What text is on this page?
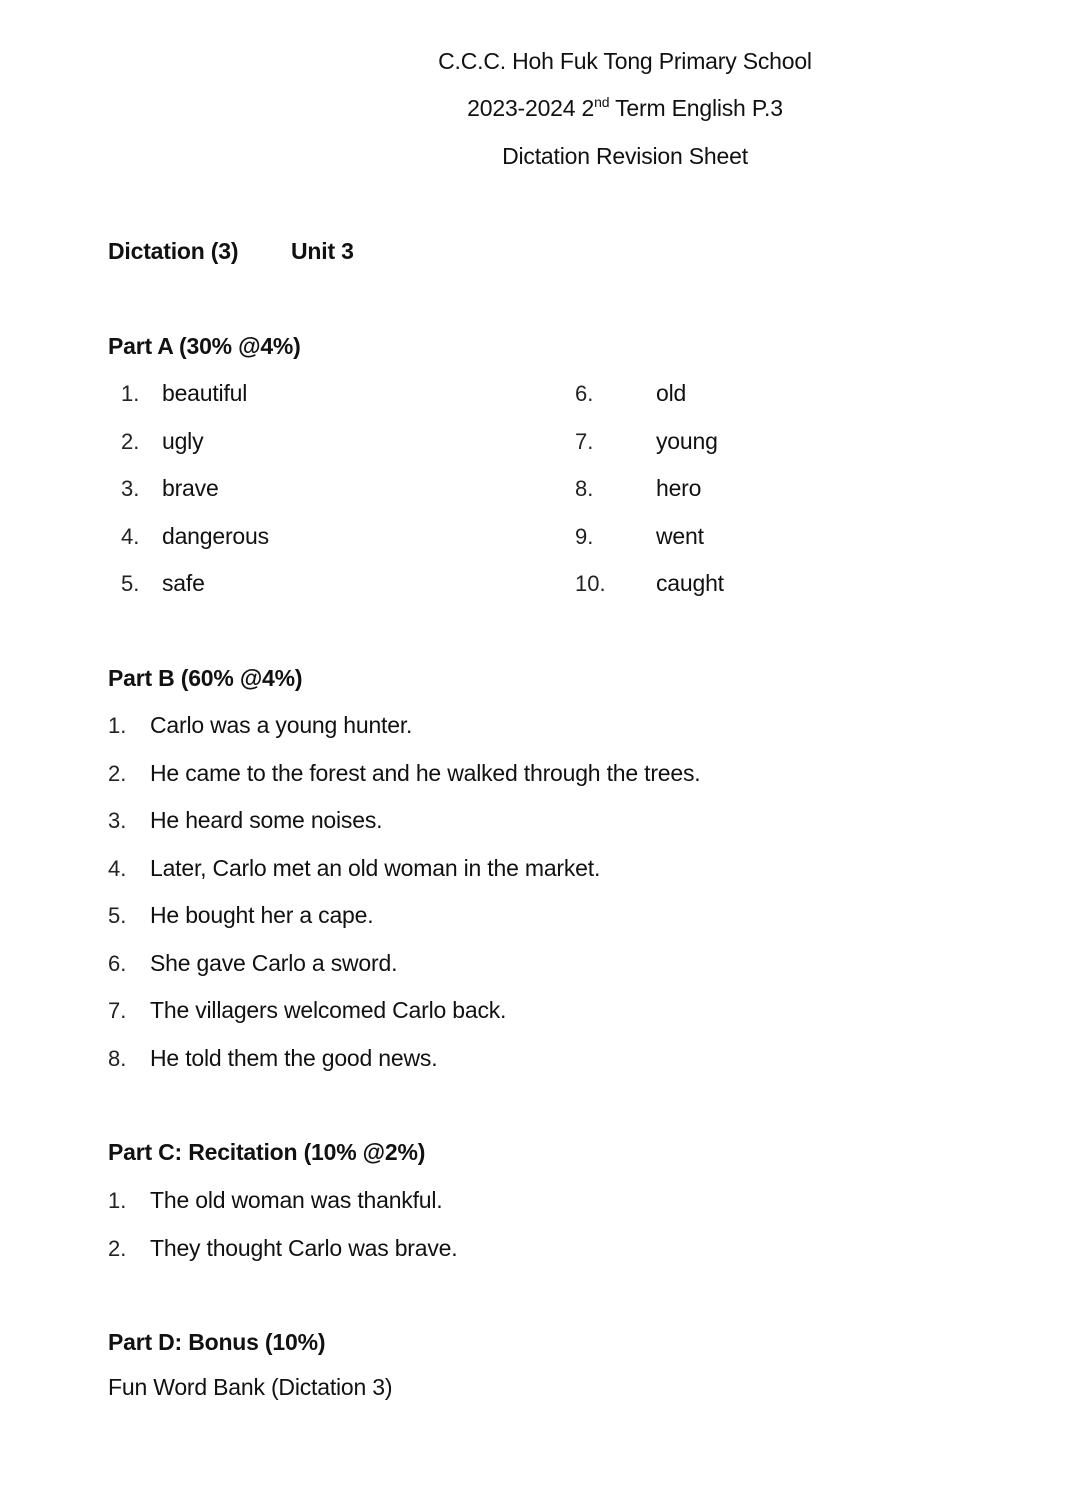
C.C.C. Hoh Fuk Tong Primary School
2023-2024 2nd Term English P.3
Dictation Revision Sheet
Dictation (3) Unit 3
Part A (30% @4%)
1. beautiful
2. ugly
3. brave
4. dangerous
5. safe
6.	old
7.	young
8.	hero
9.	went
10. caught
Part B (60% @4%)
1. Carlo was a young hunter.
2. He came to the forest and he walked through the trees.
3. He heard some noises.
4. Later, Carlo met an old woman in the market.
5. He bought her a cape.
6. She gave Carlo a sword.
7. The villagers welcomed Carlo back.
8. He told them the good news.
Part C: Recitation (10% @2%)
1. The old woman was thankful.
2. They thought Carlo was brave.
Part D: Bonus (10%)
Fun Word Bank (Dictation 3)
